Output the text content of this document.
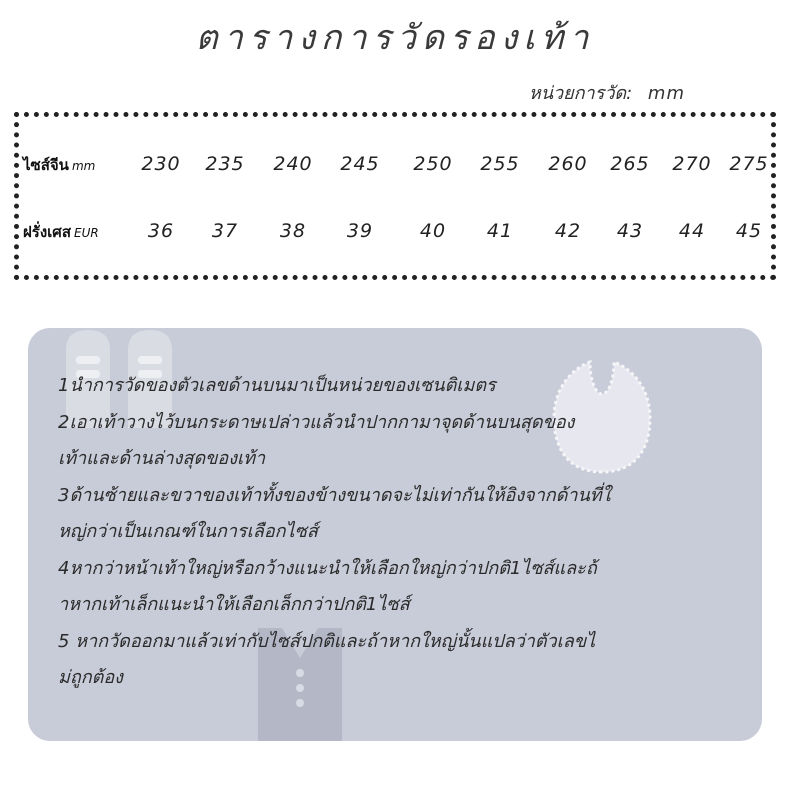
ตารางการวัดรองเท้า
หน่วยการวัด: mm
ไซส์จีน mm	230	235	240	245	250	255	260	265	270 275
ฝรั่งเศส EUR	36	37	38	39	40	41	42	43	44	45
1นำการวัดของตัวเลขด้านบนมาเป็นหน่วยของเซนติเมตร
2เอาเท้าวางไว้บนกระดาษเปล่าวแล้วนำปากกามาจุดด้านบนสุดของ
เท้าและด้านล่างสุดของเท้า
3ด้านซ้ายและขวาของเท้าทั้งของข้างขนาดจะไม่เท่ากันให้อิงจากด้านที่ใ
หญ่กว่าเป็นเกณฑ์ในการเลือกไซส์
4หากว่าหน้าเท้าใหญ่หรือกว้างแนะนำให้เลือกใหญ่กว่าปกติ1ไซส์และถ้
าหากเท้าเล็กแนะนำให้เลือกเล็กกว่าปกติ1ไซส์
5 หากวัดออกมาแล้วเท่ากับไซส์ปกติและถ้าหากใหญ่นั้นแปลว่าตัวเลขไ
ม่ถูกต้อง
